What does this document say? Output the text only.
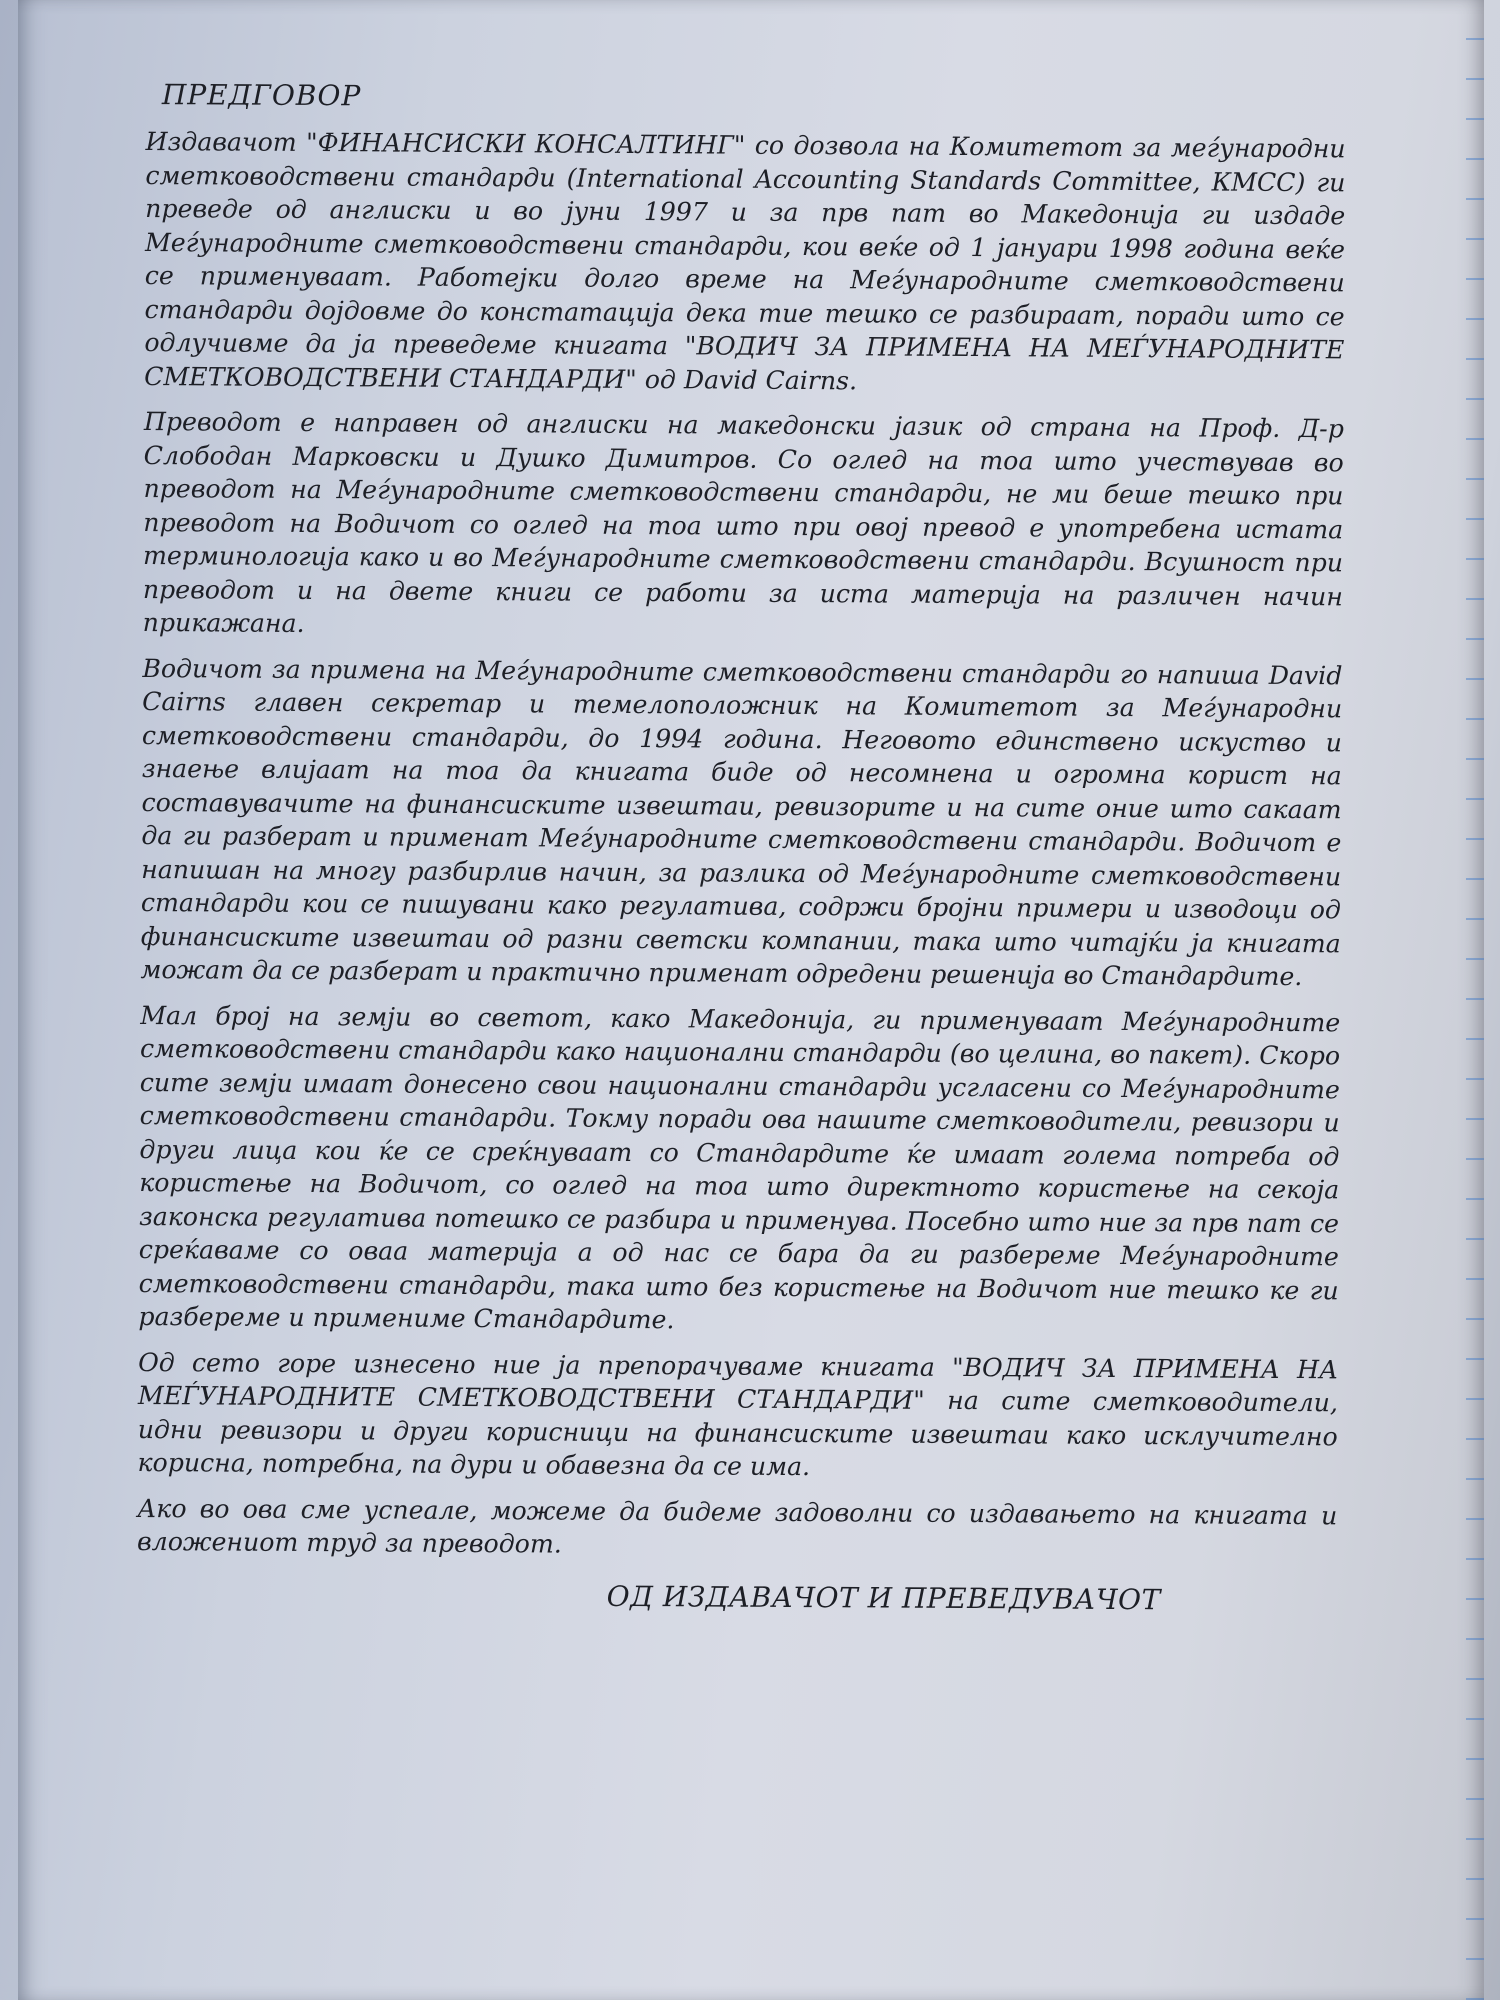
ПРЕДГОВОР

Издавачот "ФИНАНСИСКИ КОНСАЛТИНГ" со дозвола на Комитетот за меѓународни сметководствени стандарди (International Accounting Standards Committee, КМСС) ги преведе од англиски и во јуни 1997 и за прв пат во Македонија ги издаде Меѓународните сметководствени стандарди, кои веќе од 1 јануари 1998 година веќе се применуваат. Работејки долго време на Меѓународните сметководствени стандарди дојдовме до констатација дека тие тешко се разбираат, поради што се одлучивме да ја преведеме книгата "ВОДИЧ ЗА ПРИМЕНА НА МЕЃУНАРОДНИТЕ СМЕТКОВОДСТВЕНИ СТАНДАРДИ" од David Cairns.

Преводот е направен од англиски на македонски јазик од страна на Проф. Д-р Слободан Марковски и Душко Димитров. Со оглед на тоа што учествував во преводот на Меѓународните сметководствени стандарди, не ми беше тешко при преводот на Водичот со оглед на тоа што при овој превод е употребена истата терминологија како и во Меѓународните сметководствени стандарди. Всушност при преводот и на двете книги се работи за иста материја на различен начин прикажана.

Водичот за примена на Меѓународните сметководствени стандарди го напиша David Cairns главен секретар и темелоположник на Комитетот за Меѓународни сметководствени стандарди, до 1994 година. Неговото единствено искуство и знаење влијаат на тоа да книгата биде од несомнена и огромна корист на составувачите на финансиските извештаи, ревизорите и на сите оние што сакаат да ги разберат и применат Меѓународните сметководствени стандарди. Водичот е напишан на многу разбирлив начин, за разлика од Меѓународните сметководствени стандарди кои се пишувани како регулатива, содржи бројни примери и изводоци од финансиските извештаи од разни светски компании, така што читајќи ја книгата можат да се разберат и практично применат одредени решенија во Стандардите.

Мал број на земји во светот, како Македонија, ги применуваат Меѓународните сметководствени стандарди како национални стандарди (во целина, во пакет). Скоро сите земји имаат донесено свои национални стандарди усгласени со Меѓународните сметководствени стандарди. Токму поради ова нашите сметководители, ревизори и други лица кои ќе се среќнуваат со Стандардите ќе имаат голема потреба од користење на Водичот, со оглед на тоа што директното користење на секоја законска регулатива потешко се разбира и применува. Посебно што ние за прв пат се среќаваме со оваа материја а од нас се бара да ги разбереме Меѓународните сметководствени стандарди, така што без користење на Водичот ние тешко ке ги разбереме и примениме Стандардите.

Од сето горе изнесено ние ја препорачуваме книгата "ВОДИЧ ЗА ПРИМЕНА НА МЕЃУНАРОДНИТЕ СМЕТКОВОДСТВЕНИ СТАНДАРДИ" на сите сметководители, идни ревизори и други корисници на финансиските извештаи како исклучително корисна, потребна, па дури и обавезна да се има.

Ако во ова сме успеале, можеме да бидеме задоволни со издавањето на книгата и вложениот труд за преводот.

ОД ИЗДАВАЧОТ И ПРЕВЕДУВАЧОТ
